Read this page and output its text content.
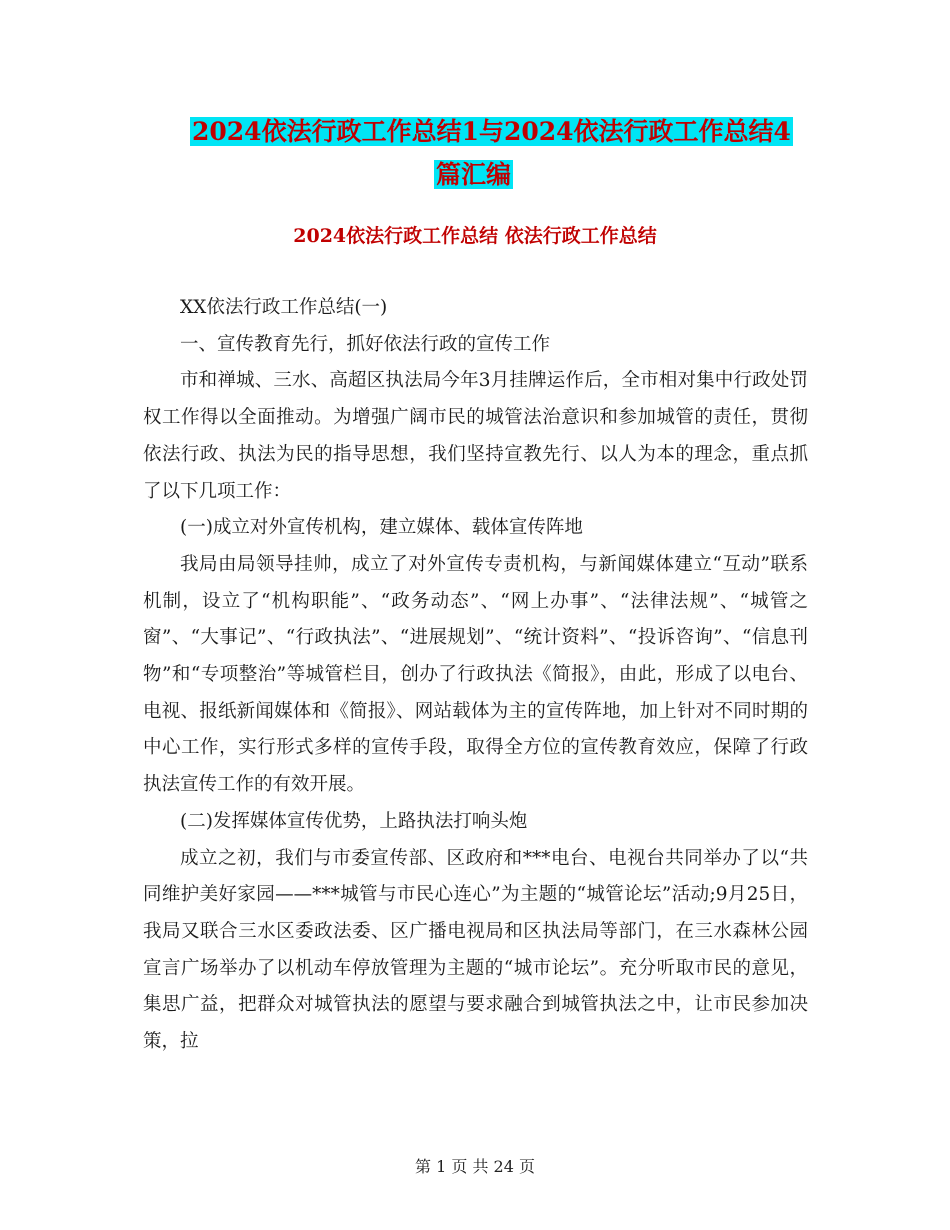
2024依法行政工作总结1与2024依法行政工作总结4
篇汇编
2024依法行政工作总结 依法行政工作总结

XX依法行政工作总结(一)

一、宣传教育先行，抓好依法行政的宣传工作

市和禅城、三水、高超区执法局今年3月挂牌运作后，全市相对集中行政处罚权工作得以全面推动。为增强广阔市民的城管法治意识和参加城管的责任，贯彻依法行政、执法为民的指导思想，我们坚持宣教先行、以人为本的理念，重点抓了以下几项工作：

(一)成立对外宣传机构，建立媒体、载体宣传阵地

我局由局领导挂帅，成立了对外宣传专责机构，与新闻媒体建立“互动”联系机制，设立了“机构职能”、“政务动态”、“网上办事”、“法律法规”、“城管之窗”、“大事记”、“行政执法”、“进展规划”、“统计资料”、“投诉咨询”、“信息刊物”和“专项整治”等城管栏目，创办了行政执法《简报》，由此，形成了以电台、电视、报纸新闻媒体和《简报》、网站载体为主的宣传阵地，加上针对不同时期的中心工作，实行形式多样的宣传手段，取得全方位的宣传教育效应，保障了行政执法宣传工作的有效开展。

(二)发挥媒体宣传优势，上路执法打响头炮

成立之初，我们与市委宣传部、区政府和***电台、电视台共同举办了以“共同维护美好家园——***城管与市民心连心”为主题的“城管论坛”活动;9月25日，我局又联合三水区委政法委、区广播电视局和区执法局等部门，在三水森林公园宣言广场举办了以机动车停放管理为主题的“城市论坛”。充分听取市民的意见，集思广益，把群众对城管执法的愿望与要求融合到城管执法之中，让市民参加决策，拉

第 1 页 共 24 页
